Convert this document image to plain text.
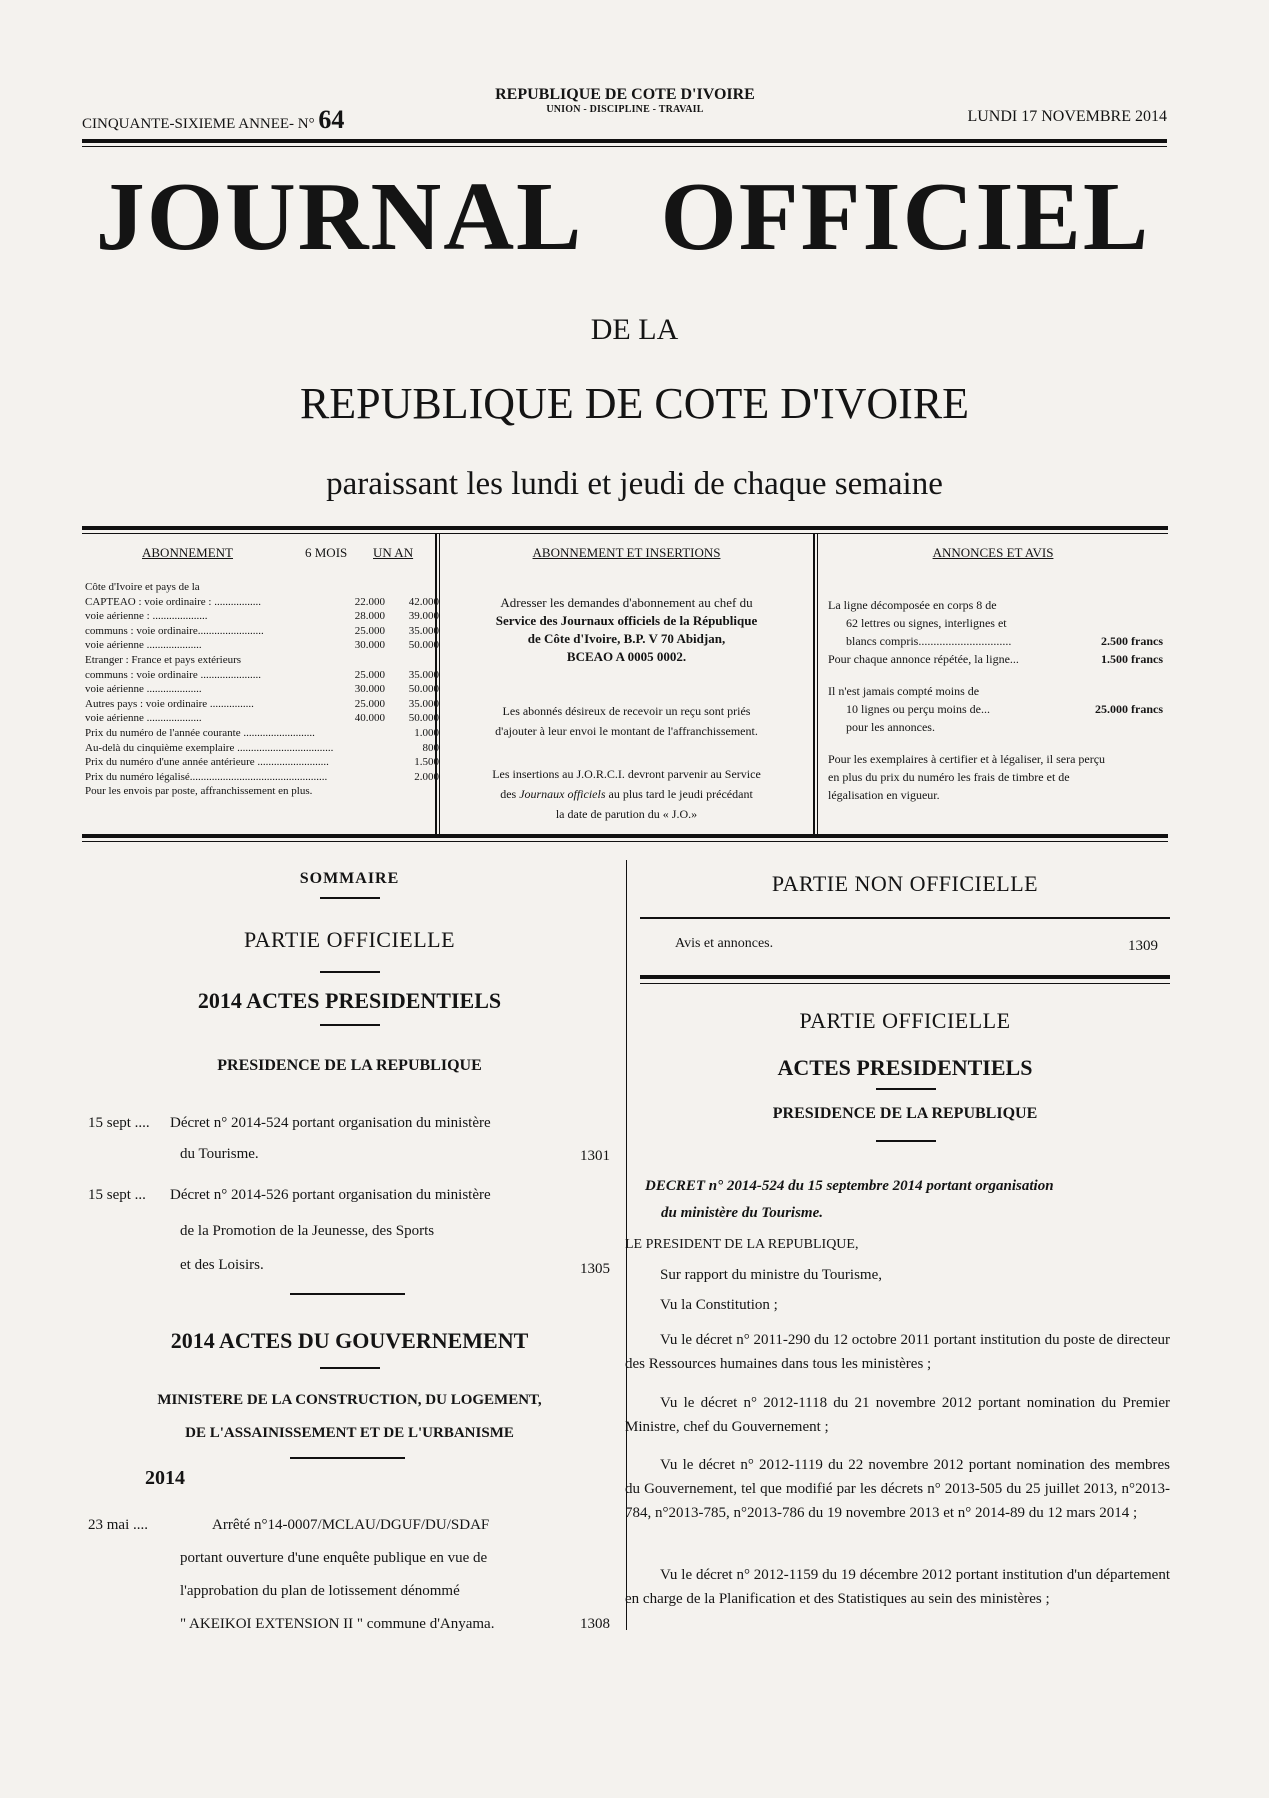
CINQUANTE-SIXIEME ANNEE- N° 64
REPUBLIQUE DE COTE D'IVOIRE
UNION - DISCIPLINE - TRAVAIL	LUNDI 17 NOVEMBRE 2014
JOURNAL OFFICIEL
DE LA
REPUBLIQUE DE COTE D'IVOIRE
paraissant les lundi et jeudi de chaque semaine
ABONNEMENT	6 MOIS UN AN
Côte d'Ivoire et pays de la
CAPTEAO : voie ordinaire : .................	22.000	42.000
voie aérienne : ....................	28.000	39.000
communs : voie ordinaire........................	25.000	35.000
voie aérienne ....................	30.000	50.000
Etranger : France et pays extérieurs
communs : voie ordinaire ......................	25.000	35.000
voie aérienne ....................	30.000	50.000
Autres pays : voie ordinaire ................	25.000	35.000
voie aérienne ....................	40.000	50.000
Prix du numéro de l'année courante ..........................	1.000
Au-delà du cinquième exemplaire ...................................	800
Prix du numéro d'une année antérieure ..........................	1.500
Prix du numéro légalisé..................................................	2.000
Pour les envois par poste, affranchissement en plus.
ABONNEMENT ET INSERTIONS
Adresser les demandes d'abonnement au chef du
Service des Journaux officiels de la République
de Côte d'Ivoire, B.P. V 70 Abidjan,
BCEAO A 0005 0002.
Les abonnés désireux de recevoir un reçu sont priés
d'ajouter à leur envoi le montant de l'affranchissement.
Les insertions au J.O.R.C.I. devront parvenir au Service
des Journaux officiels au plus tard le jeudi précédant
la date de parution du « J.O.»
ANNONCES ET AVIS
La ligne décomposée en corps 8 de
62 lettres ou signes, interlignes et
blancs compris...............................	2.500 francs
Pour chaque annonce répétée, la ligne...	1.500 francs
Il n'est jamais compté moins de
10 lignes ou perçu moins de...	25.000 francs
pour les annonces.
Pour les exemplaires à certifier et à légaliser, il sera perçu
en plus du prix du numéro les frais de timbre et de
légalisation en vigueur.
SOMMAIRE
PARTIE OFFICIELLE
2014 ACTES PRESIDENTIELS
PRESIDENCE DE LA REPUBLIQUE
15 sept .... Décret n° 2014-524 portant organisation du ministère
du Tourisme.	1301
15 sept ... Décret n° 2014-526 portant organisation du ministère
de la Promotion de la Jeunesse, des Sports
et des Loisirs.	1305
2014 ACTES DU GOUVERNEMENT
MINISTERE DE LA CONSTRUCTION, DU LOGEMENT,
DE L'ASSAINISSEMENT ET DE L'URBANISME
2014
23 mai ....	Arrêté n°14-0007/MCLAU/DGUF/DU/SDAF
portant ouverture d'une enquête publique en vue de
l'approbation du plan de lotissement dénommé
" AKEIKOI EXTENSION II " commune d'Anyama.	1308
PARTIE NON OFFICIELLE
Avis et annonces.	1309
PARTIE OFFICIELLE
ACTES PRESIDENTIELS
PRESIDENCE DE LA REPUBLIQUE
DECRET n° 2014-524 du 15 septembre 2014 portant organisation
du ministère du Tourisme.
LE PRESIDENT DE LA REPUBLIQUE,
Sur rapport du ministre du Tourisme,
Vu la Constitution ;
Vu le décret n° 2011-290 du 12 octobre 2011 portant institution du poste de directeur des Ressources humaines dans tous les ministères ;
Vu le décret n° 2012-1118 du 21 novembre 2012 portant nomination du Premier Ministre, chef du Gouvernement ;
Vu le décret n° 2012-1119 du 22 novembre 2012 portant nomination des membres du Gouvernement, tel que modifié par les décrets n° 2013-505 du 25 juillet 2013, n°2013-784, n°2013-785, n°2013-786 du 19 novembre 2013 et n° 2014-89 du 12 mars 2014 ;
Vu le décret n° 2012-1159 du 19 décembre 2012 portant institution d'un département en charge de la Planification et des Statistiques au sein des ministères ;
